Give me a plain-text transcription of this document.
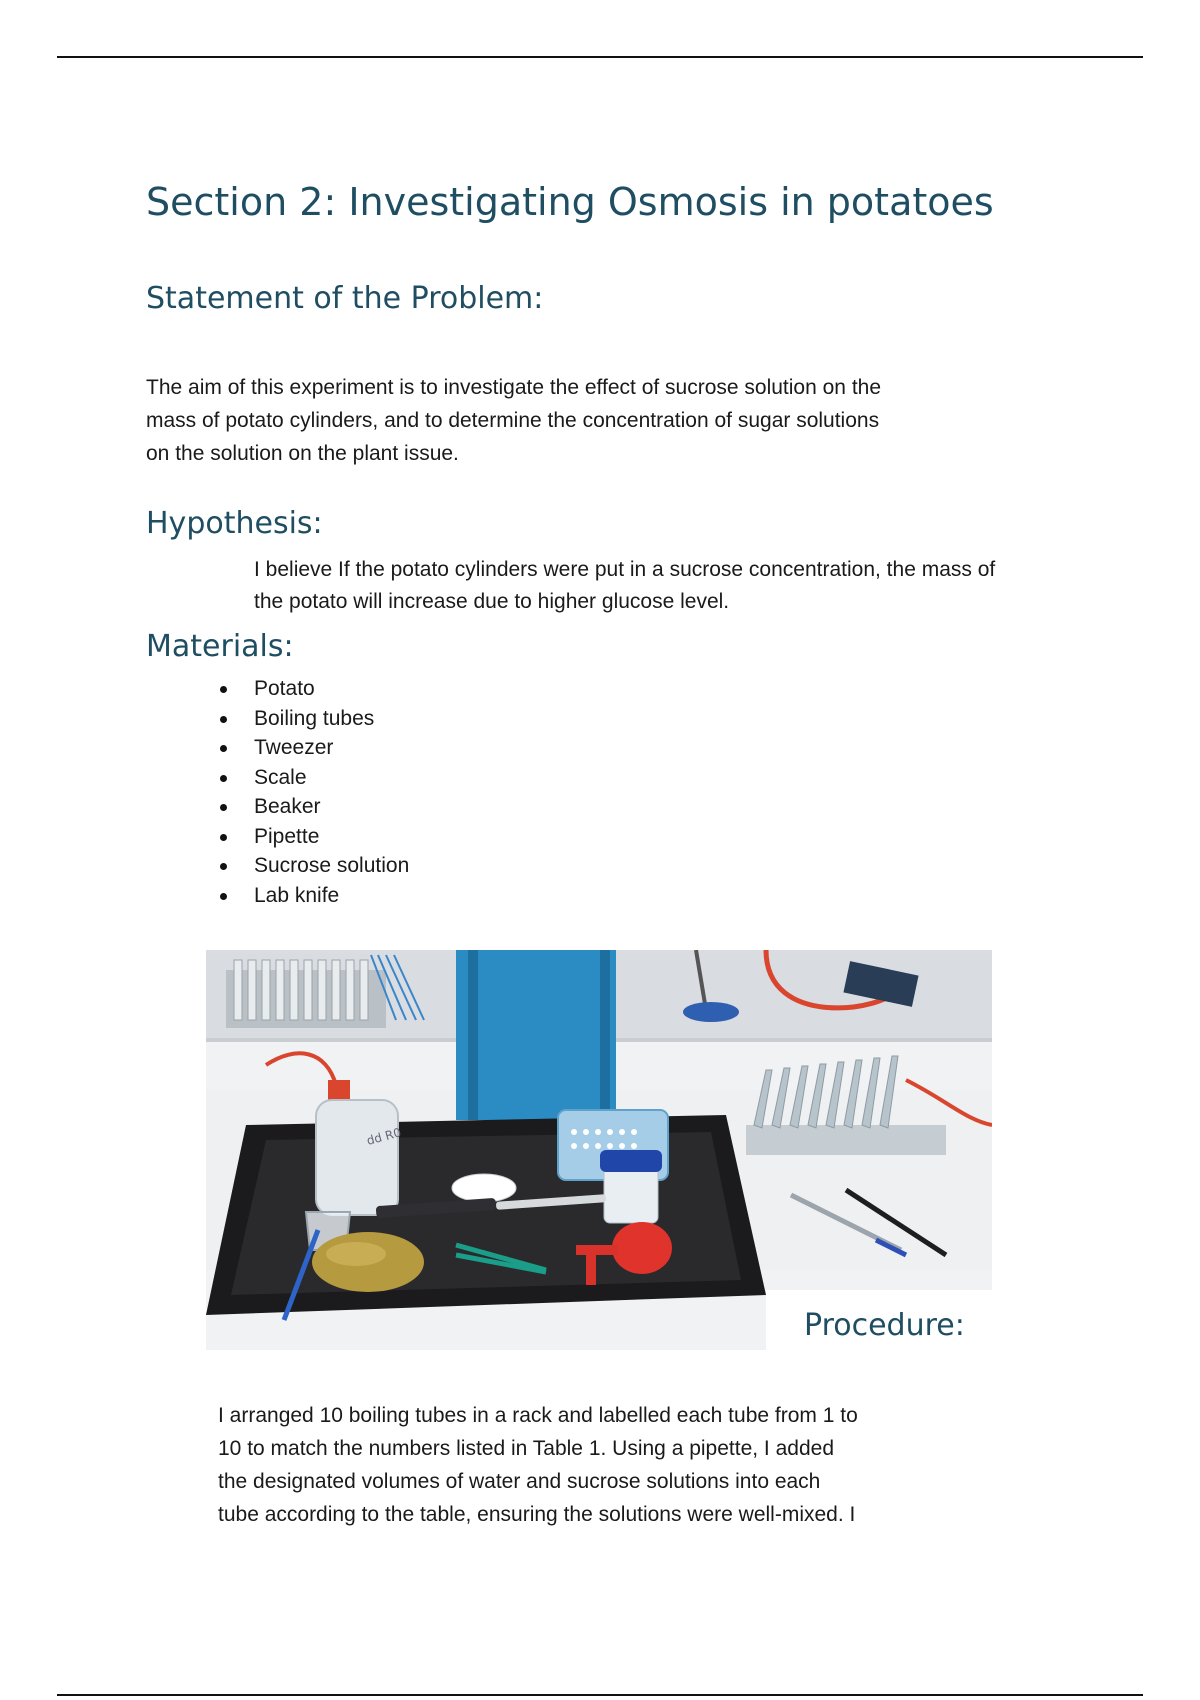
Section 2: Investigating Osmosis in potatoes
Statement of the Problem:

The aim of this experiment is to investigate the effect of sucrose solution on the
mass of potato cylinders, and to determine the concentration of sugar solutions
on the solution on the plant issue.

Hypothesis:

I believe If the potato cylinders were put in a sucrose concentration, the mass of
the potato will increase due to higher glucose level.

Materials:
Potato
Boiling tubes
Tweezer
Scale
Beaker
Pipette
Sucrose solution
Lab knife
dd R0
Procedure:

I arranged 10 boiling tubes in a rack and labelled each tube from 1 to
10 to match the numbers listed in Table 1. Using a pipette, I added
the designated volumes of water and sucrose solutions into each
tube according to the table, ensuring the solutions were well-mixed. I
